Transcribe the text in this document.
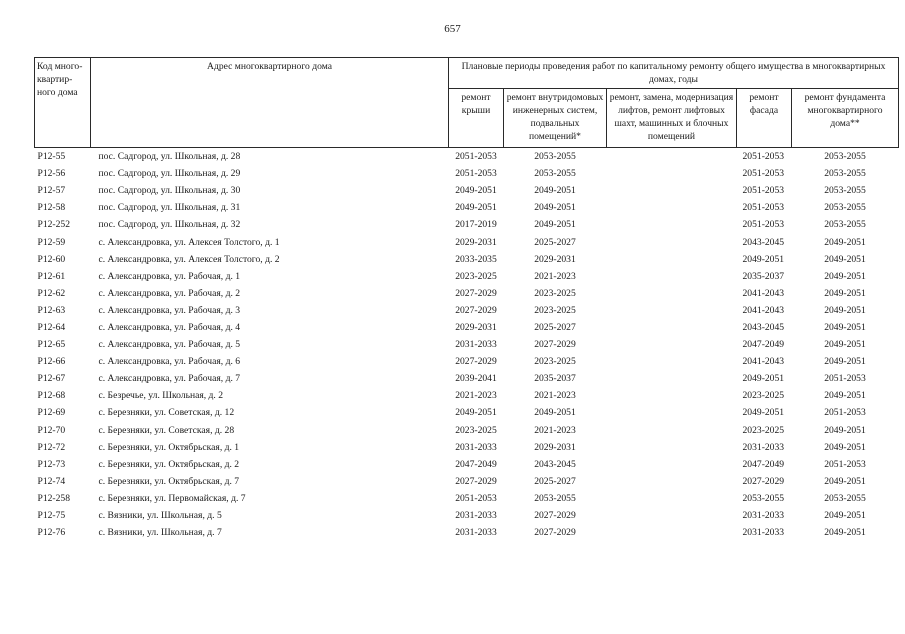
657
Код много-квартир-ного дома	Адрес многоквартирного дома	Плановые периоды проведения работ по капитальному ремонту общего имущества в многоквартирных домах, годы				
		ремонт крыши	ремонт внутридомовых инженерных систем, подвальных помещений*	ремонт, замена, модернизация лифтов, ремонт лифтовых шахт, машинных и блочных помещений	ремонт фасада	ремонт фундамента многоквартирного дома**
Р12-55	пос. Садгород, ул. Школьная, д. 28	2051-2053	2053-2055		2051-2053	2053-2055
Р12-56	пос. Садгород, ул. Школьная, д. 29	2051-2053	2053-2055		2051-2053	2053-2055
Р12-57	пос. Садгород, ул. Школьная, д. 30	2049-2051	2049-2051		2051-2053	2053-2055
Р12-58	пос. Садгород, ул. Школьная, д. 31	2049-2051	2049-2051		2051-2053	2053-2055
Р12-252	пос. Садгород, ул. Школьная, д. 32	2017-2019	2049-2051		2051-2053	2053-2055
Р12-59	с. Александровка, ул. Алексея Толстого, д. 1	2029-2031	2025-2027		2043-2045	2049-2051
Р12-60	с. Александровка, ул. Алексея Толстого, д. 2	2033-2035	2029-2031		2049-2051	2049-2051
Р12-61	с. Александровка, ул. Рабочая, д. 1	2023-2025	2021-2023		2035-2037	2049-2051
Р12-62	с. Александровка, ул. Рабочая, д. 2	2027-2029	2023-2025		2041-2043	2049-2051
Р12-63	с. Александровка, ул. Рабочая, д. 3	2027-2029	2023-2025		2041-2043	2049-2051
Р12-64	с. Александровка, ул. Рабочая, д. 4	2029-2031	2025-2027		2043-2045	2049-2051
Р12-65	с. Александровка, ул. Рабочая, д. 5	2031-2033	2027-2029		2047-2049	2049-2051
Р12-66	с. Александровка, ул. Рабочая, д. 6	2027-2029	2023-2025		2041-2043	2049-2051
Р12-67	с. Александровка, ул. Рабочая, д. 7	2039-2041	2035-2037		2049-2051	2051-2053
Р12-68	с. Безречье, ул. Школьная, д. 2	2021-2023	2021-2023		2023-2025	2049-2051
Р12-69	с. Березняки, ул. Советская, д. 12	2049-2051	2049-2051		2049-2051	2051-2053
Р12-70	с. Березняки, ул. Советская, д. 28	2023-2025	2021-2023		2023-2025	2049-2051
Р12-72	с. Березняки, ул. Октябрьская, д. 1	2031-2033	2029-2031		2031-2033	2049-2051
Р12-73	с. Березняки, ул. Октябрьская, д. 2	2047-2049	2043-2045		2047-2049	2051-2053
Р12-74	с. Березняки, ул. Октябрьская, д. 7	2027-2029	2025-2027		2027-2029	2049-2051
Р12-258	с. Березняки, ул. Первомайская, д. 7	2051-2053	2053-2055		2053-2055	2053-2055
Р12-75	с. Вязники, ул. Школьная, д. 5	2031-2033	2027-2029		2031-2033	2049-2051
Р12-76	с. Вязники, ул. Школьная, д. 7	2031-2033	2027-2029		2031-2033	2049-2051
